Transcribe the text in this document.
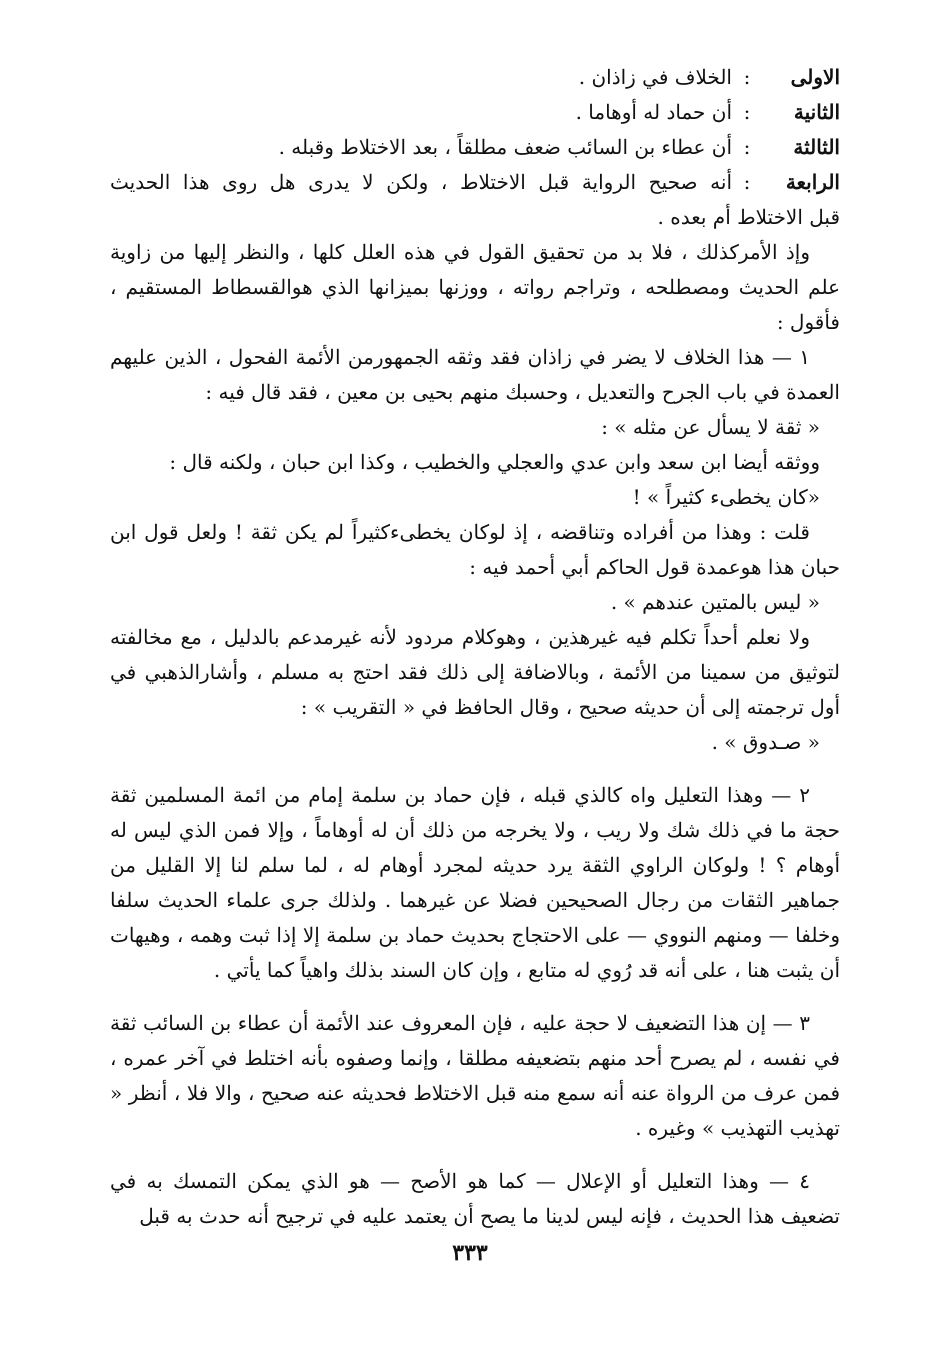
الاولى
:
الخلاف في زاذان .
الثانية
:
أن حماد له أوهاما .
الثالثة
:
أن عطاء بن السائب ضعف مطلقاً ، بعد الاختلاط وقبله .
الرابعة
:
أنه صحيح الرواية قبل الاختلاط ، ولكن لا يدرى هل روى هذا الحديث

قبل الاختلاط أم بعده .

وإذ الأمركذلك ، فلا بد من تحقيق القول في هذه العلل كلها ، والنظر إليها من زاوية علم الحديث ومصطلحه ، وتراجم رواته ، ووزنها بميزانها الذي هوالقسطاط المستقيم ، فأقول :

١ — هذا الخلاف لا يضر في زاذان فقد وثقه الجمهورمن الأئمة الفحول ، الذين عليهم العمدة في باب الجرح والتعديل ، وحسبك منهم بحيى بن معين ، فقد قال فيه :

« ثقة لا يسأل عن مثله » :

ووثقه أيضا ابن سعد وابن عدي والعجلي والخطيب ، وكذا ابن حبان ، ولكنه قال :

«كان يخطىء كثيراً » !

قلت : وهذا من أفراده وتناقضه ، إذ لوكان يخطىءكثيراً لم يكن ثقة ! ولعل قول ابن حبان هذا هوعمدة قول الحاكم أبي أحمد فيه :

« ليس بالمتين عندهم » .

ولا نعلم أحداً تكلم فيه غيرهذين ، وهوكلام مردود لأنه غيرمدعم بالدليل ، مع مخالفته لتوثيق من سمينا من الأئمة ، وبالاضافة إلى ذلك فقد احتج به مسلم ، وأشارالذهبي في أول ترجمته إلى أن حديثه صحيح ، وقال الحافظ في « التقريب » :

« صـدوق » .

٢ — وهذا التعليل واه كالذي قبله ، فإن حماد بن سلمة إمام من ائمة المسلمين ثقة حجة ما في ذلك شك ولا ريب ، ولا يخرجه من ذلك أن له أوهاماً ، وإلا فمن الذي ليس له أوهام ؟ ! ولوكان الراوي الثقة يرد حديثه لمجرد أوهام له ، لما سلم لنا إلا القليل من جماهير الثقات من رجال الصحيحين فضلا عن غيرهما . ولذلك جرى علماء الحديث سلفا وخلفا — ومنهم النووي — على الاحتجاج بحديث حماد بن سلمة إلا إذا ثبت وهمه ، وهيهات أن يثبت هنا ، على أنه قد رُوي له متابع ، وإن كان السند بذلك واهياً كما يأتي .

٣ — إن هذا التضعيف لا حجة عليه ، فإن المعروف عند الأئمة أن عطاء بن السائب ثقة في نفسه ، لم يصرح أحد منهم بتضعيفه مطلقا ، وإنما وصفوه بأنه اختلط في آخر عمره ، فمن عرف من الرواة عنه أنه سمع منه قبل الاختلاط فحديثه عنه صحيح ، والا فلا ، أنظر « تهذيب التهذيب » وغيره .

٤ — وهذا التعليل أو الإعلال — كما هو الأصح — هو الذي يمكن التمسك به في تضعيف هذا الحديث ، فإنه ليس لدينا ما يصح أن يعتمد عليه في ترجيح أنه حدث به قبل

٣٣٣
